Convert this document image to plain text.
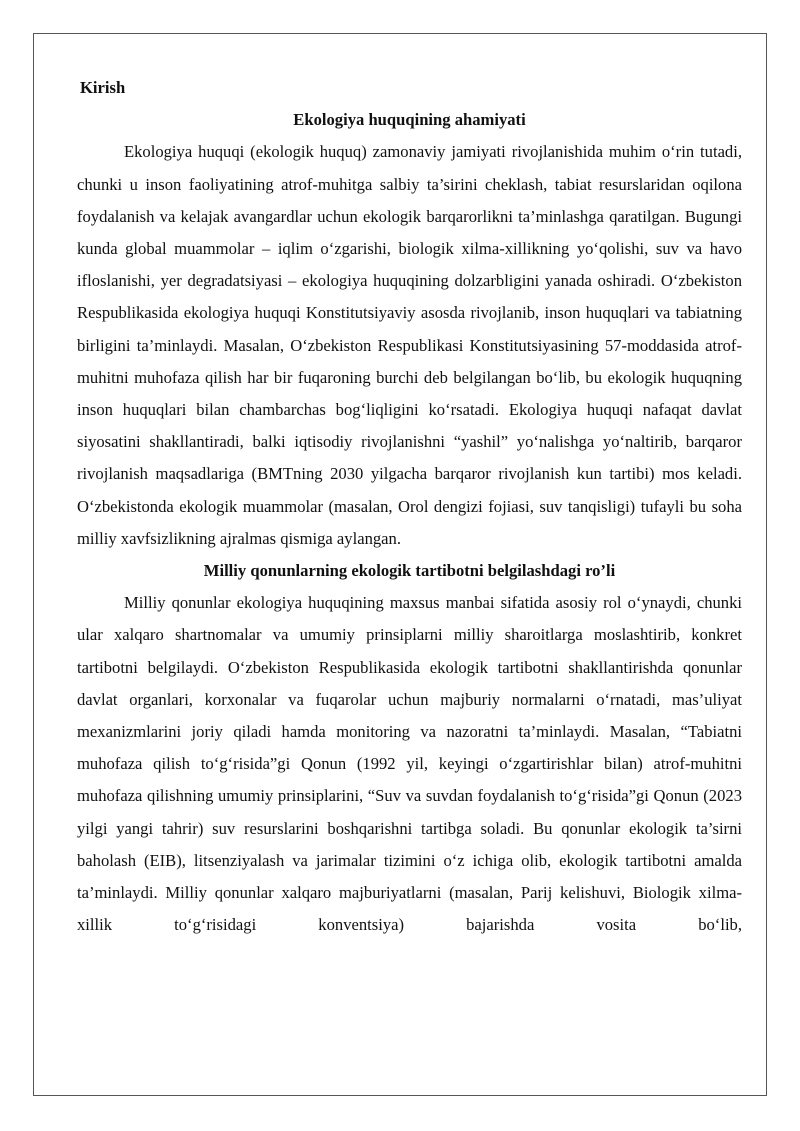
Kirish

Ekologiya huquqining ahamiyati

Ekologiya huquqi (ekologik huquq) zamonaviy jamiyati rivojlanishida muhim o‘rin tutadi, chunki u inson faoliyatining atrof-muhitga salbiy ta’sirini cheklash, tabiat resurslaridan oqilona foydalanish va kelajak avangardlar uchun ekologik barqarorlikni ta’minlashga qaratilgan. Bugungi kunda global muammolar – iqlim o‘zgarishi, biologik xilma-xillikning yo‘qolishi, suv va havo ifloslanishi, yer degradatsiyasi – ekologiya huquqining dolzarbligini yanada oshiradi. O‘zbekiston Respublikasida ekologiya huquqi Konstitutsiyaviy asosda rivojlanib, inson huquqlari va tabiatning birligini ta’minlaydi. Masalan, O‘zbekiston Respublikasi Konstitutsiyasining 57-moddasida atrof-muhitni muhofaza qilish har bir fuqaroning burchi deb belgilangan bo‘lib, bu ekologik huquqning inson huquqlari bilan chambarchas bog‘liqligini ko‘rsatadi. Ekologiya huquqi nafaqat davlat siyosatini shakllantiradi, balki iqtisodiy rivojlanishni “yashil” yo‘nalishga yo‘naltirib, barqaror rivojlanish maqsadlariga (BMTning 2030 yilgacha barqaror rivojlanish kun tartibi) mos keladi. O‘zbekistonda ekologik muammolar (masalan, Orol dengizi fojiasi, suv tanqisligi) tufayli bu soha milliy xavfsizlikning ajralmas qismiga aylangan.

Milliy qonunlarning ekologik tartibotni belgilashdagi ro’li

Milliy qonunlar ekologiya huquqining maxsus manbai sifatida asosiy rol o‘ynaydi, chunki ular xalqaro shartnomalar va umumiy prinsiplarni milliy sharoitlarga moslashtirib, konkret tartibotni belgilaydi. O‘zbekiston Respublikasida ekologik tartibotni shakllantirishda qonunlar davlat organlari, korxonalar va fuqarolar uchun majburiy normalarni o‘rnatadi, mas’uliyat mexanizmlarini joriy qiladi hamda monitoring va nazoratni ta’minlaydi. Masalan, “Tabiatni muhofaza qilish to‘g‘risida”gi Qonun (1992 yil, keyingi o‘zgartirishlar bilan) atrof-muhitni muhofaza qilishning umumiy prinsiplarini, “Suv va suvdan foydalanish to‘g‘risida”gi Qonun (2023 yilgi yangi tahrir) suv resurslarini boshqarishni tartibga soladi. Bu qonunlar ekologik ta’sirni baholash (EIB), litsenziyalash va jarimalar tizimini o‘z ichiga olib, ekologik tartibotni amalda ta’minlaydi. Milliy qonunlar xalqaro majburiyatlarni (masalan, Parij kelishuvi, Biologik xilma-xillik to‘g‘risidagi konventsiya) bajarishda vosita bo‘lib,
